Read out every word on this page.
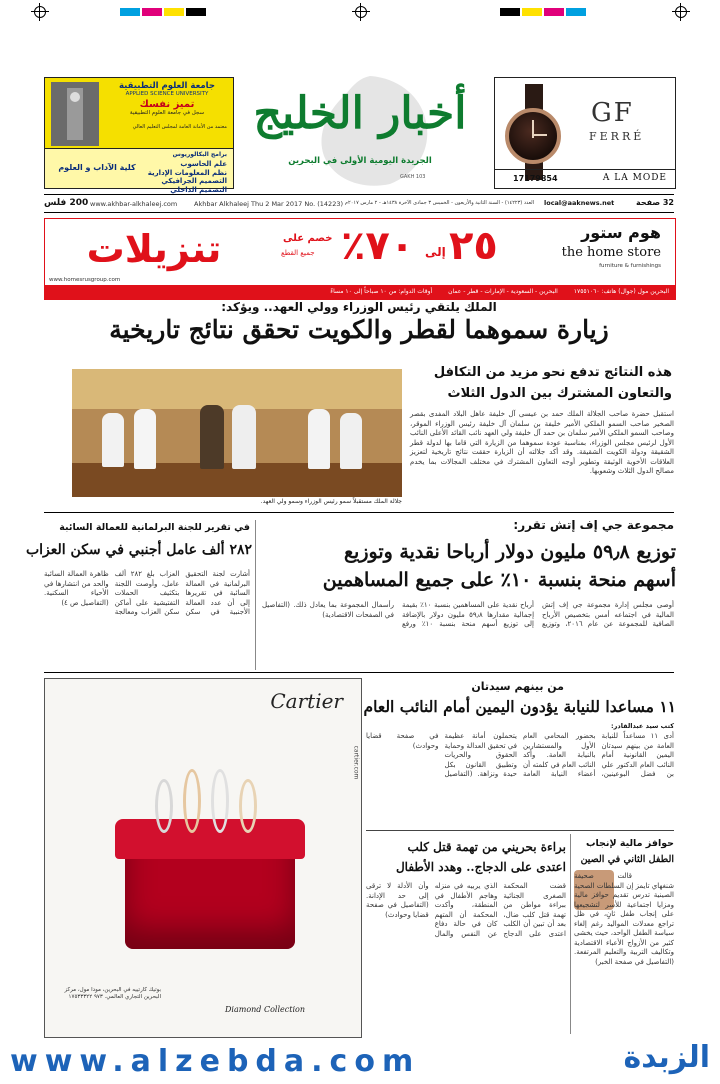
جامعة العلوم التطبيقية
APPLIED SCIENCE UNIVERSITY
تميز نفسك
سجل في جامعة العلوم التطبيقية
معتمد من الأمانة العامة لمجلس التعليم العالي
برامج البكالوريوس
علم الحاسوب
نظم المعلومات الإدارية
التصميم الجرافيكي
التصميم الداخلي
كلية الآداب و العلوم
أخبار الخليج
الجريدة اليومية الأولى في البحرين
GAKH 103
GF
FERRÉ
17179854	A LA MODE
200 فلس www.akhbar-alkhaleej.com	Akhbar Alkhaleej Thu 2 Mar 2017 No. (14223) العدد (١٤٢٢٣) - السنة الثانية والأربعون - الخميس ٣ جمادى الآخرة ١٤٣٨هـ - ٢ مارس ٢٠١٧م local@aaknews.net	32 صفحة
تنزيلات
www.homesrusgroup.com
٧٠٪ إلى ٢٥
خصم على
جميع القطع
هوم ستور
the home store
furniture & furnishings
البحرين مول (جوال) هاتف: ١٧٥٥١٠٦٠ البحرين - السعودية - الإمارات - قطر - عمان أوقات الدوام: من ١٠ صباحاً إلى ١٠ مساءً
الملك يلتقي رئيس الوزراء وولي العهد.. ويؤكد:
زيارة سموهما لقطر والكويت تحقق نتائج تاريخية
هذه النتائج تدفع نحو مزيد من التكافل
والتعاون المشترك بين الدول الثلاث
جلالة الملك مستقبلاً سمو رئيس الوزراء وسمو ولي العهد.
استقبل حضرة صاحب الجلالة الملك حمد بن عيسى آل خليفة عاهل البلاد المفدى بقصر الصخير صاحب السمو الملكي الأمير خليفة بن سلمان آل خليفة رئيس الوزراء الموقر، وصاحب السمو الملكي الأمير سلمان بن حمد آل خليفة ولي العهد نائب القائد الأعلى النائب الأول لرئيس مجلس الوزراء، بمناسبة عودة سموهما من الزيارة التي قاما بها لدولة قطر الشقيقة ودولة الكويت الشقيقة. وقد أكد جلالته أن الزيارة حققت نتائج تاريخية لتعزيز العلاقات الأخوية الوثيقة وتطوير أوجه التعاون المشترك في مختلف المجالات بما يخدم مصالح الدول الثلاث وشعوبها.
مجموعة جي إف إتش تقرر:
توزيع ٥٩٫٨ مليون دولار أرباحا نقدية وتوزيع
أسهم منحة بنسبة ١٠٪ على جميع المساهمين
أوصى مجلس إدارة مجموعة جي إف إتش المالية في اجتماعه أمس بتخصيص الأرباح الصافية للمجموعة عن عام ٢٠١٦، وتوزيع أرباح نقدية على المساهمين بنسبة ١٠٪ بقيمة إجمالية مقدارها ٥٩٫٨ مليون دولار بالإضافة إلى توزيع أسهم منحة بنسبة ١٠٪ ورفع رأسمال المجموعة بما يعادل ذلك. (التفاصيل في الصفحات الاقتصادية)
في تقرير للجنة البرلمانية للعمالة السائبة
٢٨٢ ألف عامل أجنبي في سكن العزاب
أشارت لجنة التحقيق البرلمانية في العمالة السائبة في تقريرها إلى أن عدد العمالة الأجنبية في سكن العزاب بلغ ٢٨٢ ألف عامل، وأوصت اللجنة بتكثيف الحملات التفتيشية على أماكن سكن العزاب ومعالجة ظاهرة العمالة السائبة والحد من انتشارها في الأحياء السكنية. (التفاصيل ص ٤)
Cartier
cartier.com
Diamond Collection
بوتيك كارتييه في البحرين، مودا مول، مركز البحرين التجاري العالمي. ٩٧٣ ١٧٥٣٣٣٢٢
من بينهم سيدتان
١١ مساعدا للنيابة يؤدون اليمين أمام النائب العام
كتب سيد عبدالقادر:
أدى ١١ مساعداً للنيابة العامة من بينهم سيدتان اليمين القانونية أمام النائب العام الدكتور علي بن فضل البوعينين، بحضور المحامي العام الأول والمستشارين بالنيابة العامة. وأكد النائب العام في كلمته أن أعضاء النيابة العامة يتحملون أمانة عظيمة في تحقيق العدالة وحماية الحقوق والحريات وتطبيق القانون بكل حيدة ونزاهة. (التفاصيل في صفحة قضايا وحوادث)
براءة بحريني من تهمة قتل كلب
اعتدى على الدجاج.. وهدد الأطفال
قضت المحكمة الصغرى الجنائية ببراءة مواطن من تهمة قتل كلب ضال، بعد أن تبين أن الكلب اعتدى على الدجاج الذي يربيه في منزله وهاجم الأطفال في المنطقة، وأكدت المحكمة أن المتهم كان في حالة دفاع عن النفس والمال وأن الأدلة لا ترقى إلى حد الإدانة. (التفاصيل في صفحة قضايا وحوادث)
حوافز مالية لإنجاب
الطفل الثاني في الصين
قالت صحيفة شنغهاي تايمز إن السلطات الصحية الصينية تدرس تقديم حوافز مالية ومزايا اجتماعية للأسر لتشجيعها على إنجاب طفل ثانٍ، في ظل تراجع معدلات المواليد رغم إلغاء سياسة الطفل الواحد، حيث يخشى كثير من الأزواج الأعباء الاقتصادية وتكاليف التربية والتعليم المرتفعة. (التفاصيل في صفحة الخبر)
www.alzebda.com	الزبدة
